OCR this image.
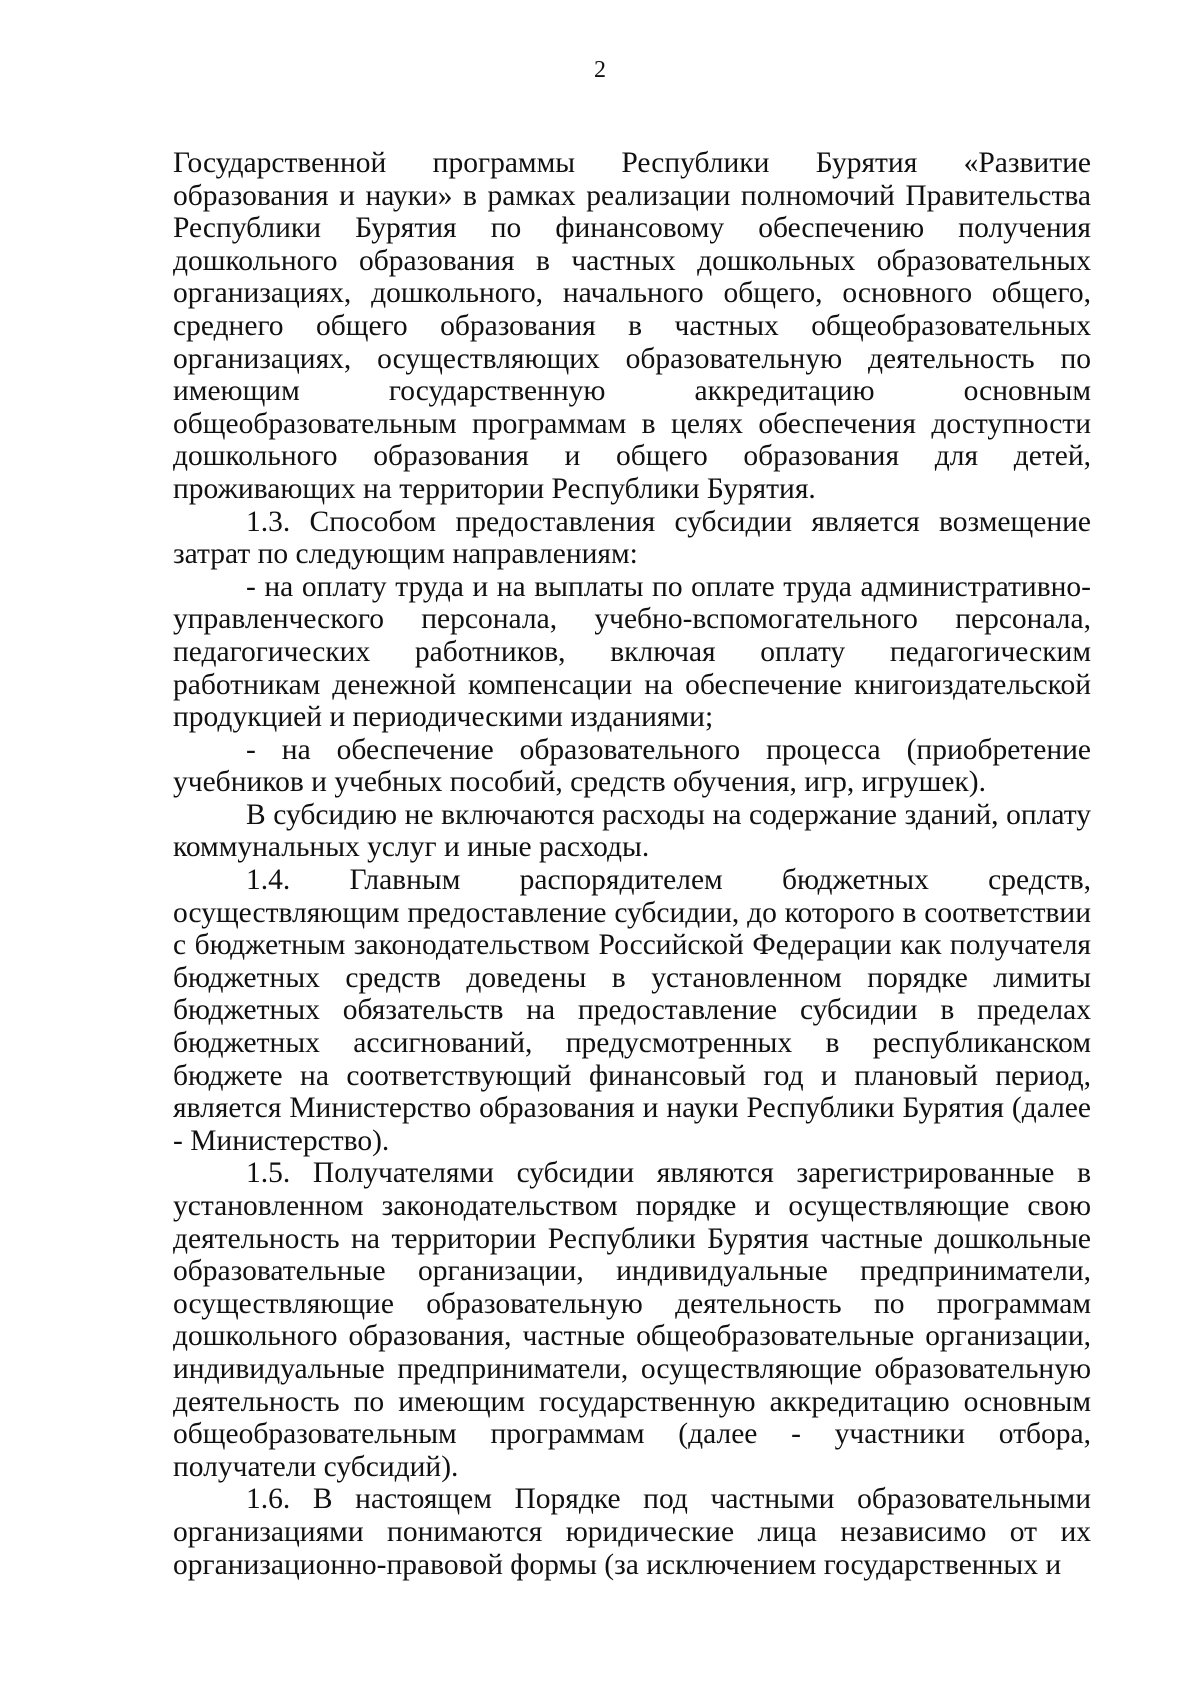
2

Государственной программы Республики Бурятия «Развитие образования и науки» в рамках реализации полномочий Правительства Республики Бурятия по финансовому обеспечению получения дошкольного образования в частных дошкольных образовательных организациях, дошкольного, начального общего, основного общего, среднего общего образования в частных общеобразовательных организациях, осуществляющих образовательную деятельность по имеющим государственную аккредитацию основным общеобразовательным программам в целях обеспечения доступности дошкольного образования и общего образования для детей, проживающих на территории Республики Бурятия.

1.3. Способом предоставления субсидии является возмещение затрат по следующим направлениям:

- на оплату труда и на выплаты по оплате труда административно-управленческого персонала, учебно-вспомогательного персонала, педагогических работников, включая оплату педагогическим работникам денежной компенсации на обеспечение книгоиздательской продукцией и периодическими изданиями;

- на обеспечение образовательного процесса (приобретение учебников и учебных пособий, средств обучения, игр, игрушек).

В субсидию не включаются расходы на содержание зданий, оплату коммунальных услуг и иные расходы.

1.4. Главным распорядителем бюджетных средств, осуществляющим предоставление субсидии, до которого в соответствии с бюджетным законодательством Российской Федерации как получателя бюджетных средств доведены в установленном порядке лимиты бюджетных обязательств на предоставление субсидии в пределах бюджетных ассигнований, предусмотренных в республиканском бюджете на соответствующий финансовый год и плановый период, является Министерство образования и науки Республики Бурятия (далее - Министерство).

1.5. Получателями субсидии являются зарегистрированные в установленном законодательством порядке и осуществляющие свою деятельность на территории Республики Бурятия частные дошкольные образовательные организации, индивидуальные предприниматели, осуществляющие образовательную деятельность по программам дошкольного образования, частные общеобразовательные организации, индивидуальные предприниматели, осуществляющие образовательную деятельность по имеющим государственную аккредитацию основным общеобразовательным программам (далее - участники отбора, получатели субсидий).

1.6. В настоящем Порядке под частными образовательными организациями понимаются юридические лица независимо от их организационно-правовой формы (за исключением государственных и
